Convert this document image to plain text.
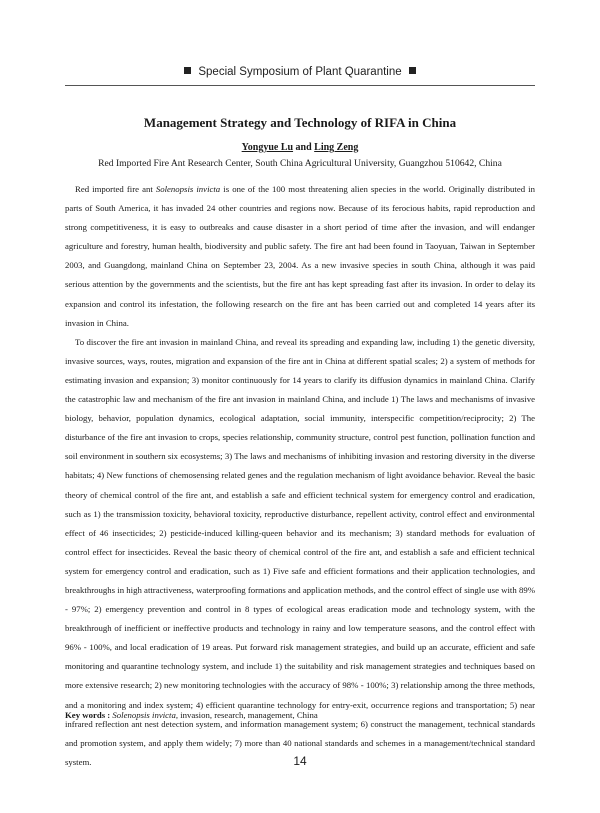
Special Symposium of Plant Quarantine
Management Strategy and Technology of RIFA in China
Yongyue Lu and Ling Zeng
Red Imported Fire Ant Research Center, South China Agricultural University, Guangzhou 510642, China

Red imported fire ant Solenopsis invicta is one of the 100 most threatening alien species in the world. Originally distributed in parts of South America, it has invaded 24 other countries and regions now. Because of its ferocious habits, rapid reproduction and strong competitiveness, it is easy to outbreaks and cause disaster in a short period of time after the invasion, and will endanger agriculture and forestry, human health, biodiversity and public safety. The fire ant had been found in Taoyuan, Taiwan in September 2003, and Guangdong, mainland China on September 23, 2004. As a new invasive species in south China, although it was paid serious attention by the governments and the scientists, but the fire ant has kept spreading fast after its invasion. In order to delay its expansion and control its infestation, the following research on the fire ant has been carried out and completed 14 years after its invasion in China.

To discover the fire ant invasion in mainland China, and reveal its spreading and expanding law, including 1) the genetic diversity, invasive sources, ways, routes, migration and expansion of the fire ant in China at different spatial scales; 2) a system of methods for estimating invasion and expansion; 3) monitor continuously for 14 years to clarify its diffusion dynamics in mainland China. Clarify the catastrophic law and mechanism of the fire ant invasion in mainland China, and include 1) The laws and mechanisms of invasive biology, behavior, population dynamics, ecological adaptation, social immunity, interspecific competition/reciprocity; 2) The disturbance of the fire ant invasion to crops, species relationship, community structure, control pest function, pollination function and soil environment in southern six ecosystems; 3) The laws and mechanisms of inhibiting invasion and restoring diversity in the diverse habitats; 4) New functions of chemosensing related genes and the regulation mechanism of light avoidance behavior. Reveal the basic theory of chemical control of the fire ant, and establish a safe and efficient technical system for emergency control and eradication, such as 1) the transmission toxicity, behavioral toxicity, reproductive disturbance, repellent activity, control effect and environmental effect of 46 insecticides; 2) pesticide-induced killing-queen behavior and its mechanism; 3) standard methods for evaluation of control effect for insecticides. Reveal the basic theory of chemical control of the fire ant, and establish a safe and efficient technical system for emergency control and eradication, such as 1) Five safe and efficient formations and their application technologies, and breakthroughs in high attractiveness, waterproofing formations and application methods, and the control effect of single use with 89% - 97%; 2) emergency prevention and control in 8 types of ecological areas eradication mode and technology system, with the breakthrough of inefficient or ineffective products and technology in rainy and low temperature seasons, and the control effect with 96% - 100%, and local eradication of 19 areas. Put forward risk management strategies, and build up an accurate, efficient and safe monitoring and quarantine technology system, and include 1) the suitability and risk management strategies and techniques based on more extensive research; 2) new monitoring technologies with the accuracy of 98% - 100%; 3) relationship among the three methods, and a monitoring and index system; 4) efficient quarantine technology for entry-exit, occurrence regions and transportation; 5) near infrared reflection ant nest detection system, and information management system; 6) construct the management, technical standards and promotion system, and apply them widely; 7) more than 40 national standards and schemes in a management/technical standard system.

Key words : Solenopsis invicta, invasion, research, management, China
14
